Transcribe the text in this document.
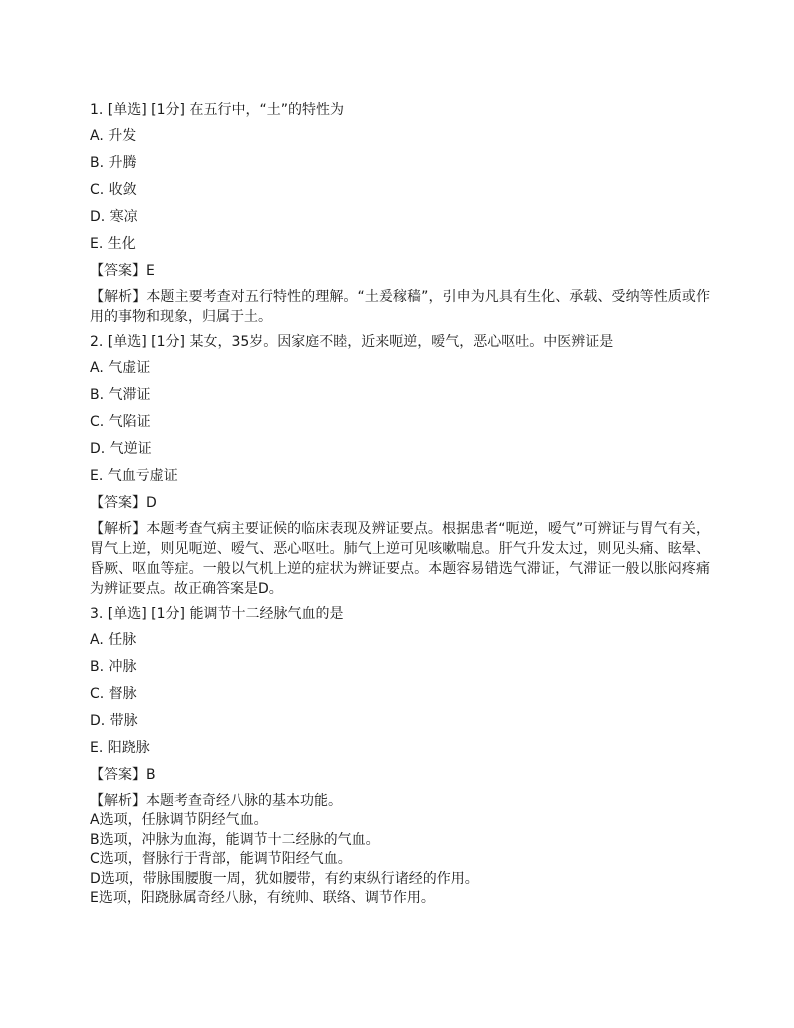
1. [单选] [1分] 在五行中，“土”的特性为

A. 升发

B. 升腾

C. 收敛

D. 寒凉

E. 生化

【答案】E

【解析】本题主要考查对五行特性的理解。“土爰稼穑”，引申为凡具有生化、承载、受纳等性质或作用的事物和现象，归属于土。

2. [单选] [1分] 某女，35岁。因家庭不睦，近来呃逆，嗳气，恶心呕吐。中医辨证是

A. 气虚证

B. 气滞证

C. 气陷证

D. 气逆证

E. 气血亏虚证

【答案】D

【解析】本题考查气病主要证候的临床表现及辨证要点。根据患者“呃逆，嗳气”可辨证与胃气有关，胃气上逆，则见呃逆、嗳气、恶心呕吐。肺气上逆可见咳嗽喘息。肝气升发太过，则见头痛、眩晕、昏厥、呕血等症。一般以气机上逆的症状为辨证要点。本题容易错选气滞证，气滞证一般以胀闷疼痛为辨证要点。故正确答案是D。

3. [单选] [1分] 能调节十二经脉气血的是

A. 任脉

B. 冲脉

C. 督脉

D. 带脉

E. 阳跷脉

【答案】B

【解析】本题考查奇经八脉的基本功能。

A选项，任脉调节阴经气血。

B选项，冲脉为血海，能调节十二经脉的气血。

C选项，督脉行于背部，能调节阳经气血。

D选项，带脉围腰腹一周，犹如腰带，有约束纵行诸经的作用。

E选项，阳跷脉属奇经八脉，有统帅、联络、调节作用。
